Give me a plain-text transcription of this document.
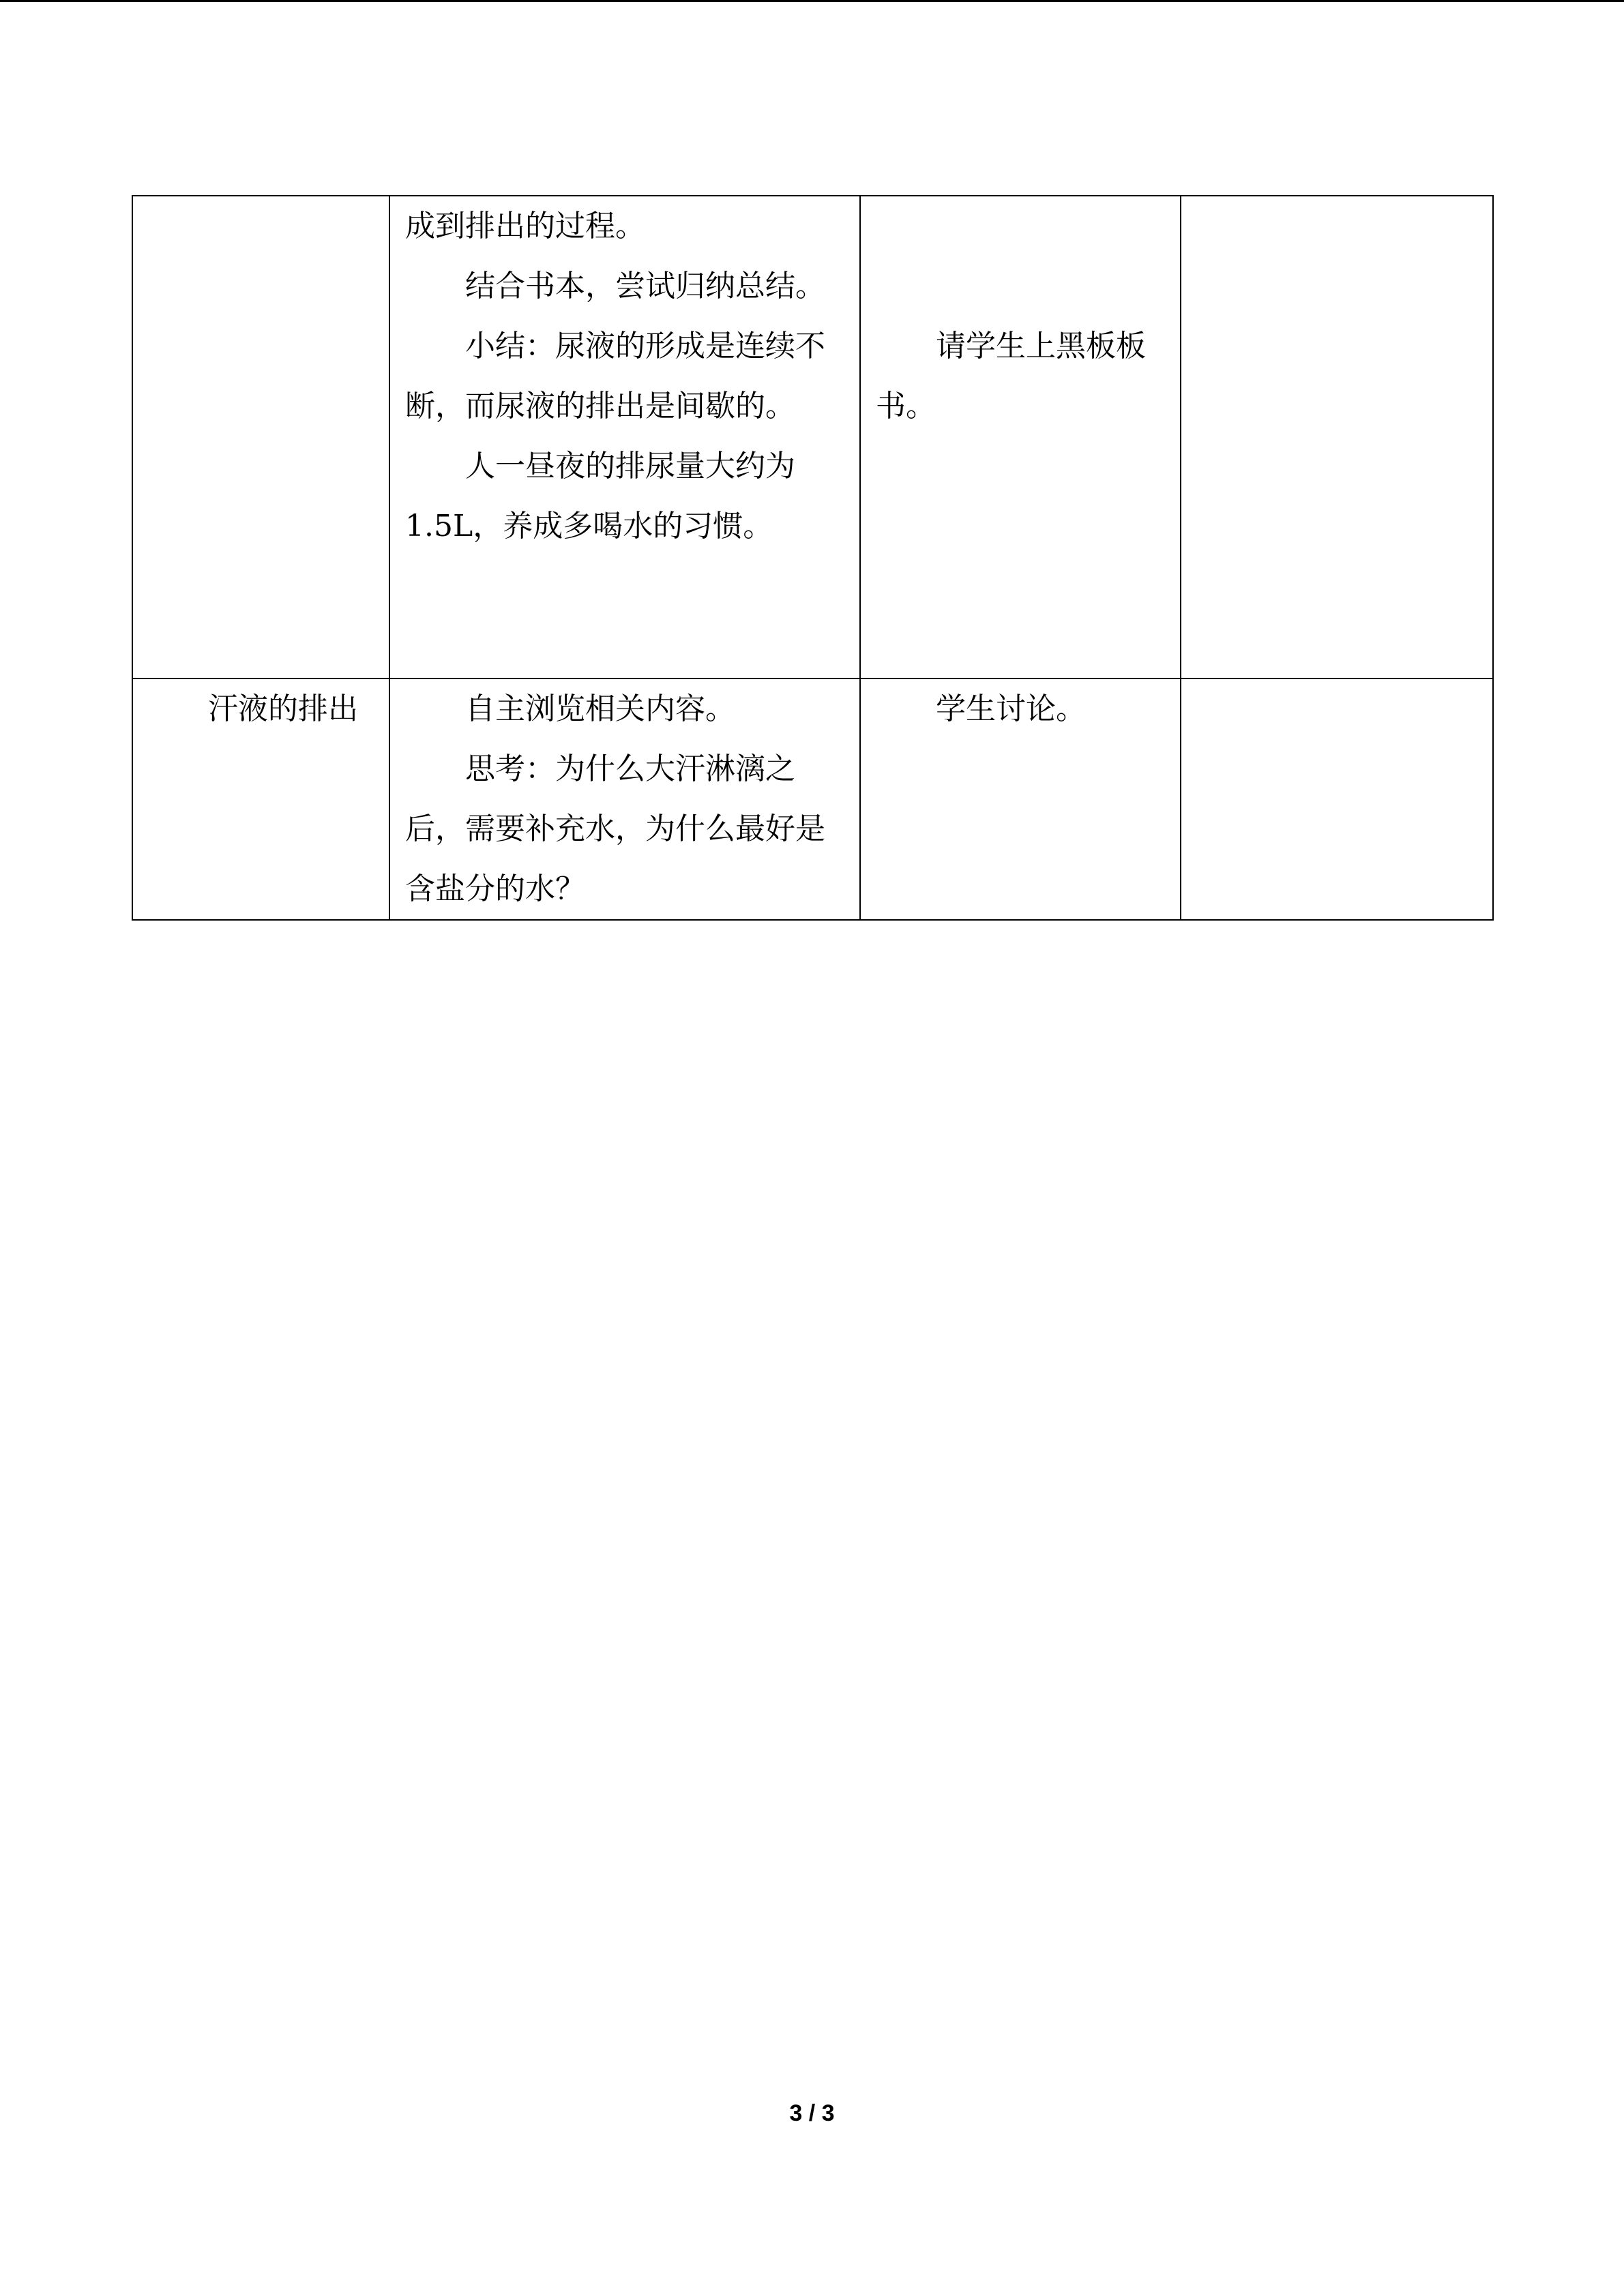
	成到排出的过程。

结合书本，尝试归纳总结。

小结：尿液的形成是连续不断，而尿液的排出是间歇的。

人一昼夜的排尿量大约为1.5L，养成多喝水的习惯。	请学生上黑板板书。	

汗液的排出	自主浏览相关内容。

思考：为什么大汗淋漓之后，需要补充水，为什么最好是含盐分的水？	学生讨论。	

3 / 3
